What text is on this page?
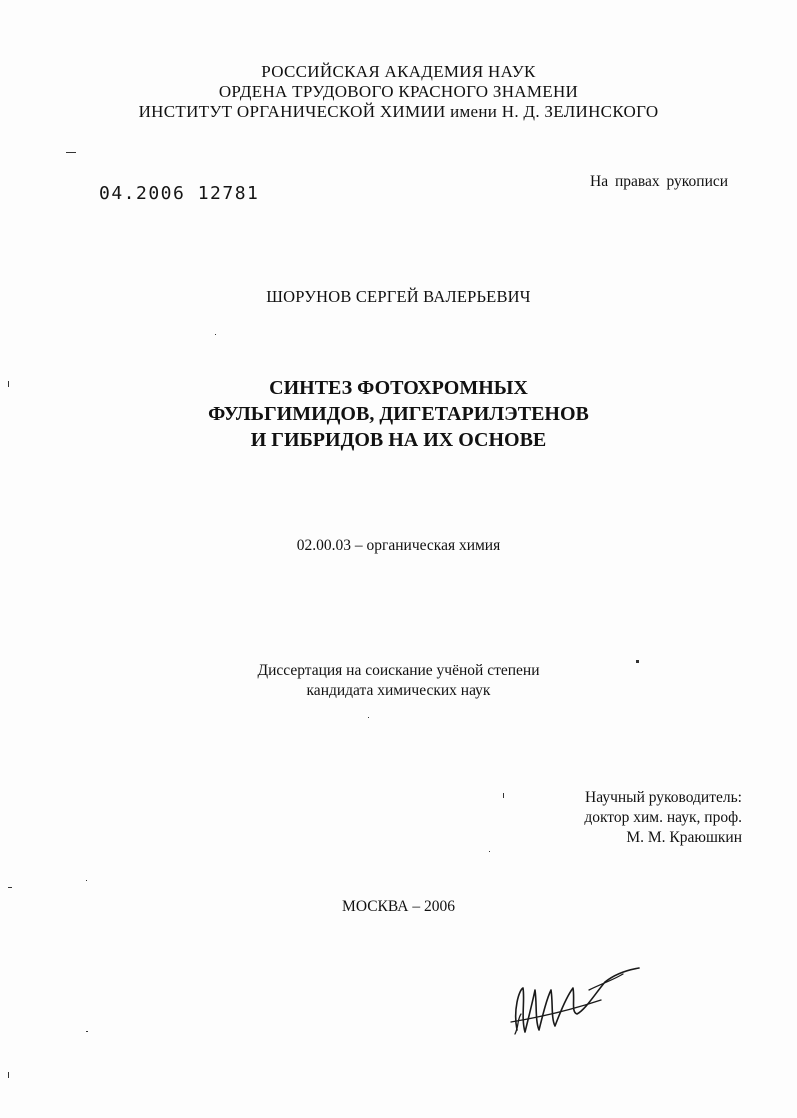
РОССИЙСКАЯ АКАДЕМИЯ НАУК
ОРДЕНА ТРУДОВОГО КРАСНОГО ЗНАМЕНИ
ИНСТИТУТ ОРГАНИЧЕСКОЙ ХИМИИ имени Н. Д. ЗЕЛИНСКОГО
04.2006 12781
На правах рукописи
ШОРУНОВ СЕРГЕЙ ВАЛЕРЬЕВИЧ
СИНТЕЗ ФОТОХРОМНЫХ
ФУЛЬГИМИДОВ, ДИГЕТАРИЛЭТЕНОВ
И ГИБРИДОВ НА ИХ ОСНОВЕ
02.00.03 – органическая химия
Диссертация на соискание учёной степени
кандидата химических наук
Научный руководитель:
доктор хим. наук, проф.
М. М. Краюшкин
МОСКВА – 2006
